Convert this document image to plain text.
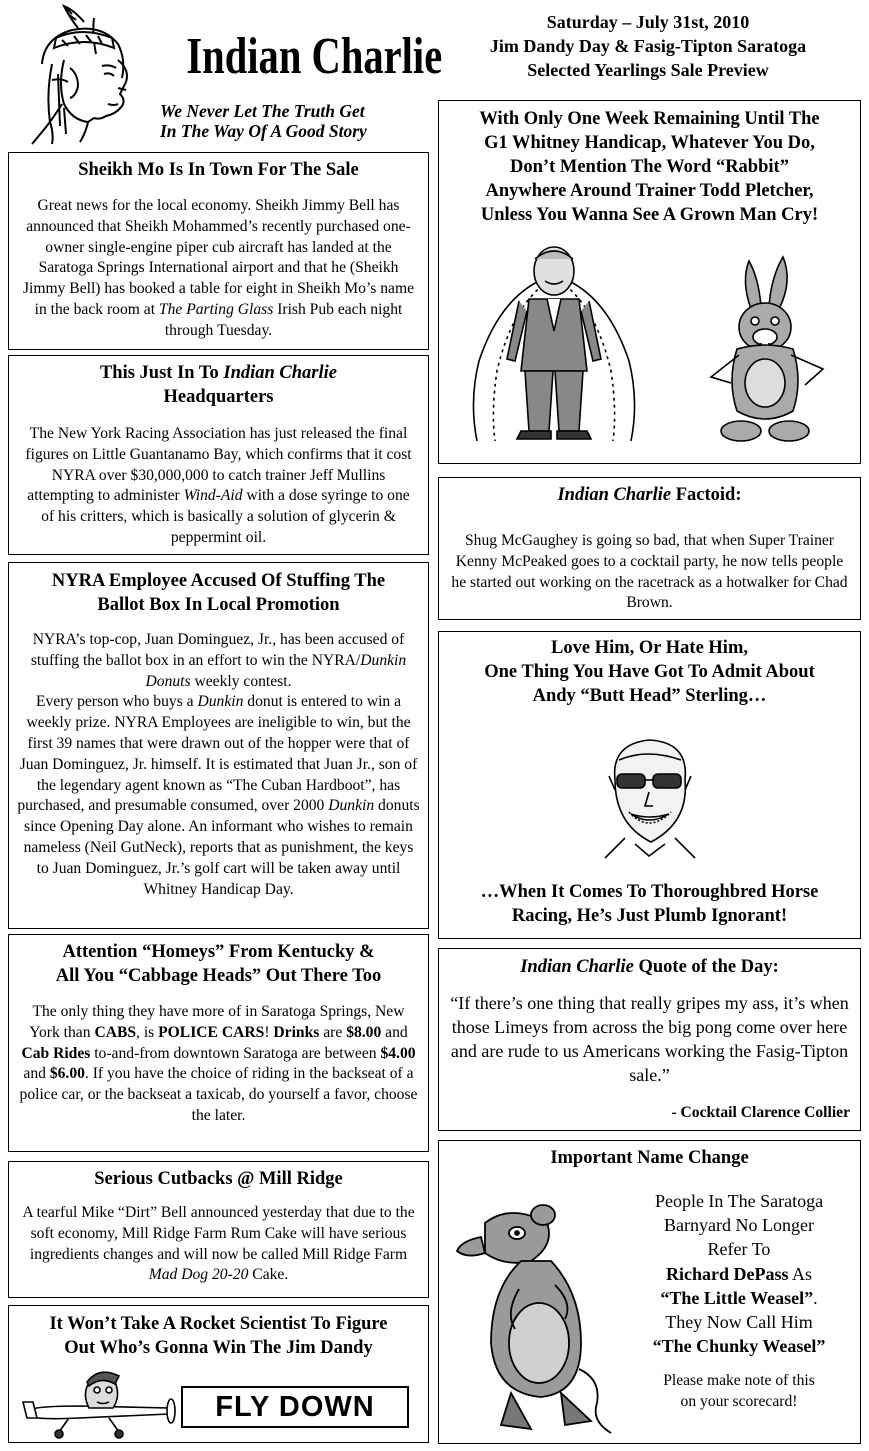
Indian Charlie
We Never Let The Truth Get
In The Way Of A Good Story
Saturday – July 31st, 2010
Jim Dandy Day & Fasig-Tipton Saratoga
Selected Yearlings Sale Preview
Sheikh Mo Is In Town For The Sale
Great news for the local economy. Sheikh Jimmy Bell has announced that Sheikh Mohammed’s recently purchased one-owner single-engine piper cub aircraft has landed at the Saratoga Springs International airport and that he (Sheikh Jimmy Bell) has booked a table for eight in Sheikh Mo’s name in the back room at The Parting Glass Irish Pub each night through Tuesday.
This Just In To Indian Charlie
Headquarters
The New York Racing Association has just released the final figures on Little Guantanamo Bay, which confirms that it cost NYRA over $30,000,000 to catch trainer Jeff Mullins attempting to administer Wind-Aid with a dose syringe to one of his critters, which is basically a solution of glycerin & peppermint oil.
NYRA Employee Accused Of Stuffing The
Ballot Box In Local Promotion
NYRA’s top-cop, Juan Dominguez, Jr., has been accused of stuffing the ballot box in an effort to win the NYRA/Dunkin Donuts weekly contest.
Every person who buys a Dunkin donut is entered to win a weekly prize. NYRA Employees are ineligible to win, but the first 39 names that were drawn out of the hopper were that of Juan Dominguez, Jr. himself. It is estimated that Juan Jr., son of the legendary agent known as “The Cuban Hardboot”, has purchased, and presumable consumed, over 2000 Dunkin donuts since Opening Day alone. An informant who wishes to remain nameless (Neil GutNeck), reports that as punishment, the keys to Juan Dominguez, Jr.’s golf cart will be taken away until Whitney Handicap Day.
Attention “Homeys” From Kentucky &
All You “Cabbage Heads” Out There Too
The only thing they have more of in Saratoga Springs, New York than CABS, is POLICE CARS! Drinks are $8.00 and Cab Rides to-and-from downtown Saratoga are between $4.00 and $6.00. If you have the choice of riding in the backseat of a police car, or the backseat a taxicab, do yourself a favor, choose the later.
Serious Cutbacks @ Mill Ridge
A tearful Mike “Dirt” Bell announced yesterday that due to the soft economy, Mill Ridge Farm Rum Cake will have serious ingredients changes and will now be called Mill Ridge Farm Mad Dog 20-20 Cake.
It Won’t Take A Rocket Scientist To Figure
Out Who’s Gonna Win The Jim Dandy
FLY DOWN
With Only One Week Remaining Until The
G1 Whitney Handicap, Whatever You Do,
Don’t Mention The Word “Rabbit”
Anywhere Around Trainer Todd Pletcher,
Unless You Wanna See A Grown Man Cry!
Indian Charlie Factoid:
Shug McGaughey is going so bad, that when Super Trainer Kenny McPeaked goes to a cocktail party, he now tells people he started out working on the racetrack as a hotwalker for Chad Brown.
Love Him, Or Hate Him,
One Thing You Have Got To Admit About
Andy “Butt Head” Sterling…
…When It Comes To Thoroughbred Horse
Racing, He’s Just Plumb Ignorant!
Indian Charlie Quote of the Day:
“If there’s one thing that really gripes my ass, it’s when those Limeys from across the big pong come over here and are rude to us Americans working the Fasig-Tipton sale.”
- Cocktail Clarence Collier
Important Name Change
People In The Saratoga
Barnyard No Longer
Refer To
Richard DePass As
“The Little Weasel”.
They Now Call Him
“The Chunky Weasel”
Please make note of this
on your scorecard!
